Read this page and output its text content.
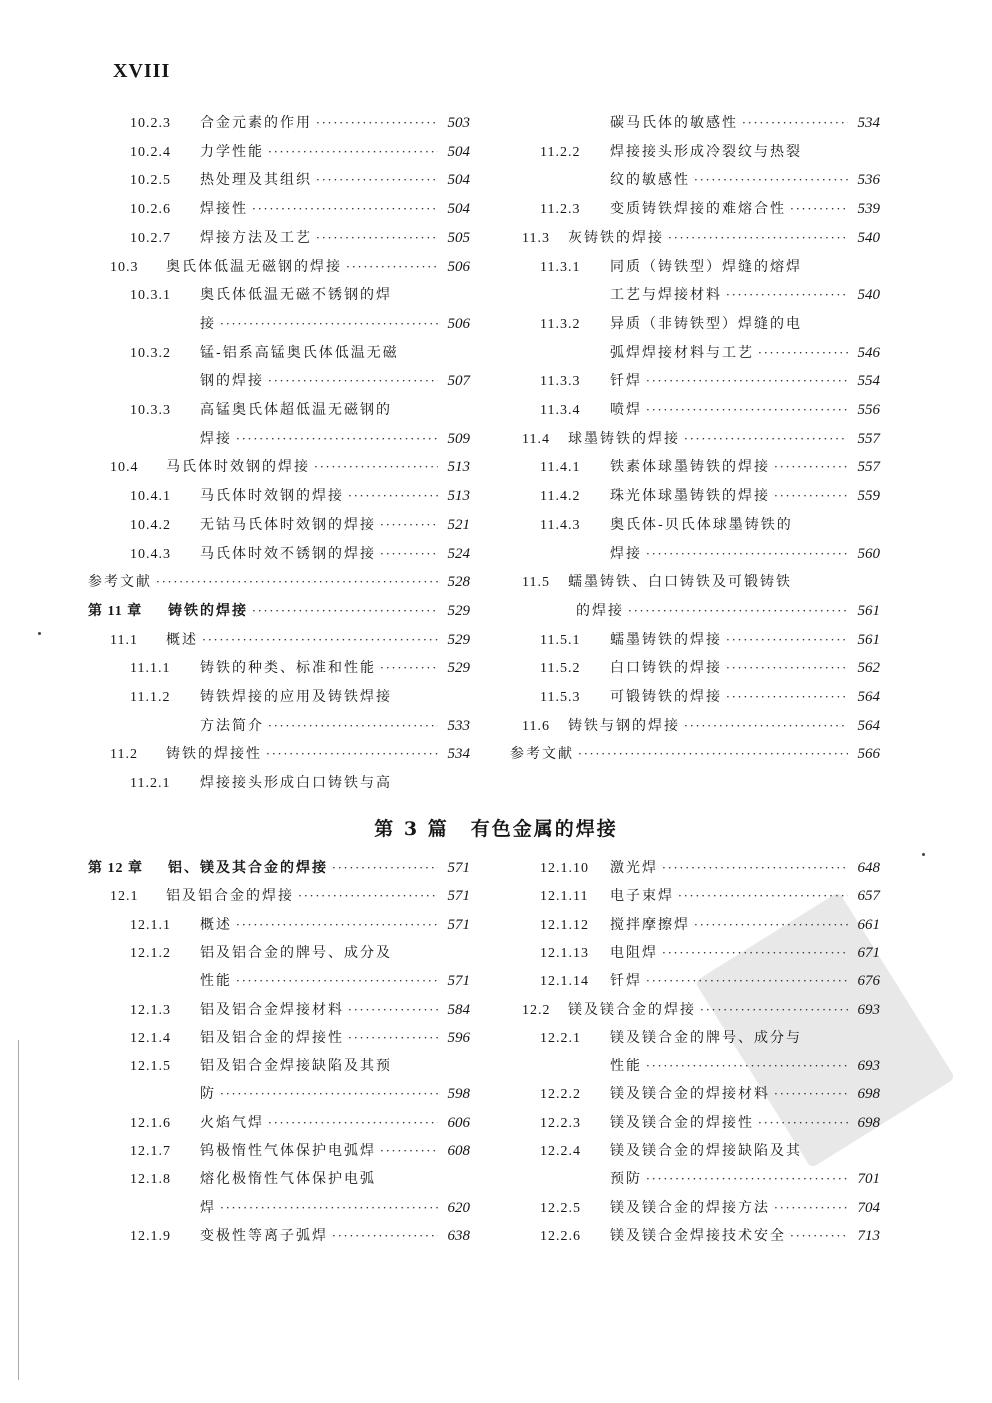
XVIII
10.2.3	合金元素的作用 ·····	503
10.2.4	力学性能 ·····	504
10.2.5	热处理及其组织 ·····	504
10.2.6	焊接性 ·····	504
10.2.7	焊接方法及工艺 ·····	505
10.3	奥氏体低温无磁钢的焊接 ·····	506
10.3.1	奥氏体低温无磁不锈钢的焊
接 ·····	506
10.3.2	锰-铝系高锰奥氏体低温无磁
钢的焊接 ·····	507
10.3.3	高锰奥氏体超低温无磁钢的
焊接 ·····	509
10.4	马氏体时效钢的焊接 ·····	513
10.4.1	马氏体时效钢的焊接 ·····	513
10.4.2	无钴马氏体时效钢的焊接 ·····	521
10.4.3	马氏体时效不锈钢的焊接 ·····	524
参考文献 ·····	528
第 11 章	铸铁的焊接 ·····	529
11.1	概述 ·····	529
11.1.1	铸铁的种类、标准和性能 ·····	529
11.1.2	铸铁焊接的应用及铸铁焊接
方法简介 ·····	533
11.2	铸铁的焊接性 ·····	534
11.2.1	焊接接头形成白口铸铁与高
碳马氏体的敏感性 ·····	534
11.2.2	焊接接头形成冷裂纹与热裂
纹的敏感性 ·····	536
11.2.3	变质铸铁焊接的难熔合性 ·····	539
11.3	灰铸铁的焊接 ·····	540
11.3.1	同质（铸铁型）焊缝的熔焊
工艺与焊接材料 ·····	540
11.3.2	异质（非铸铁型）焊缝的电
弧焊焊接材料与工艺 ·····	546
11.3.3	钎焊 ·····	554
11.3.4	喷焊 ·····	556
11.4	球墨铸铁的焊接 ·····	557
11.4.1	铁素体球墨铸铁的焊接 ·····	557
11.4.2	珠光体球墨铸铁的焊接 ·····	559
11.4.3	奥氏体-贝氏体球墨铸铁的
焊接 ·····	560
11.5	蠕墨铸铁、白口铸铁及可锻铸铁
的焊接 ·····	561
11.5.1	蠕墨铸铁的焊接 ·····	561
11.5.2	白口铸铁的焊接 ·····	562
11.5.3	可锻铸铁的焊接 ·····	564
11.6	铸铁与钢的焊接 ·····	564
参考文献 ·····	566
第 3 篇 有色金属的焊接
第 12 章	铝、镁及其合金的焊接 ·····	571
12.1	铝及铝合金的焊接 ·····	571
12.1.1	概述 ·····	571
12.1.2	铝及铝合金的牌号、成分及
性能 ·····	571
12.1.3	铝及铝合金焊接材料 ·····	584
12.1.4	铝及铝合金的焊接性 ·····	596
12.1.5	铝及铝合金焊接缺陷及其预
防 ·····	598
12.1.6	火焰气焊 ·····	606
12.1.7	钨极惰性气体保护电弧焊 ·····	608
12.1.8	熔化极惰性气体保护电弧
焊 ·····	620
12.1.9	变极性等离子弧焊 ·····	638
12.1.10	激光焊 ·····	648
12.1.11	电子束焊 ·····	657
12.1.12	搅拌摩擦焊 ·····	661
12.1.13	电阻焊 ·····	671
12.1.14	钎焊 ·····	676
12.2	镁及镁合金的焊接 ·····	693
12.2.1	镁及镁合金的牌号、成分与
性能 ·····	693
12.2.2	镁及镁合金的焊接材料 ·····	698
12.2.3	镁及镁合金的焊接性 ·····	698
12.2.4	镁及镁合金的焊接缺陷及其
预防 ·····	701
12.2.5	镁及镁合金的焊接方法 ·····	704
12.2.6	镁及镁合金焊接技术安全 ·····	713
